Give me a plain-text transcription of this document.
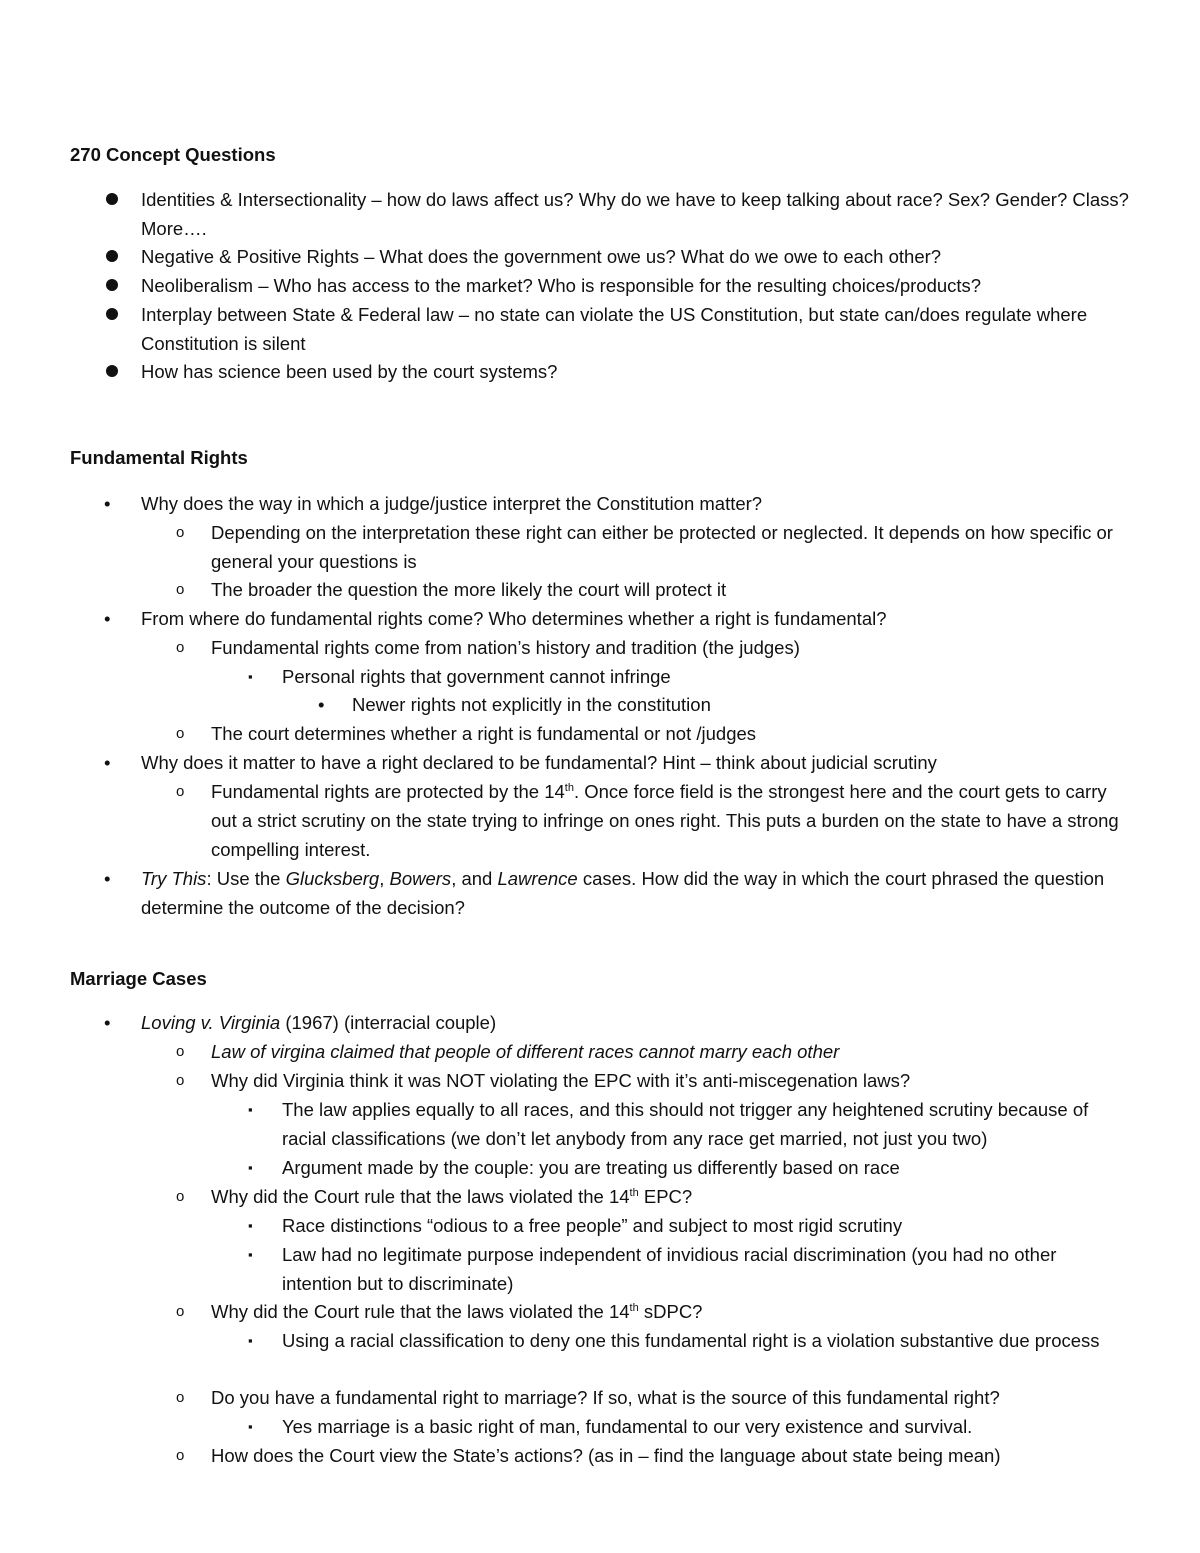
270 Concept Questions
Identities & Intersectionality – how do laws affect us? Why do we have to keep talking about race? Sex? Gender? Class? More….
Negative & Positive Rights – What does the government owe us? What do we owe to each other?
Neoliberalism – Who has access to the market? Who is responsible for the resulting choices/products?
Interplay between State & Federal law – no state can violate the US Constitution, but state can/does regulate where Constitution is silent
How has science been used by the court systems?
Fundamental Rights
• Why does the way in which a judge/justice interpret the Constitution matter?
o Depending on the interpretation these right can either be protected or neglected. It depends on how specific or general your questions is
o The broader the question the more likely the court will protect it
• From where do fundamental rights come? Who determines whether a right is fundamental?
o Fundamental rights come from nation’s history and tradition (the judges)
▪ Personal rights that government cannot infringe
• Newer rights not explicitly in the constitution
o The court determines whether a right is fundamental or not /judges
• Why does it matter to have a right declared to be fundamental? Hint – think about judicial scrutiny
o Fundamental rights are protected by the 14th. Once force field is the strongest here and the court gets to carry out a strict scrutiny on the state trying to infringe on ones right. This puts a burden on the state to have a strong compelling interest.
• Try This: Use the Glucksberg, Bowers, and Lawrence cases. How did the way in which the court phrased the question determine the outcome of the decision?
Marriage Cases
• Loving v. Virginia (1967) (interracial couple)
o Law of virgina claimed that people of different races cannot marry each other
o Why did Virginia think it was NOT violating the EPC with it’s anti-miscegenation laws?
▪ The law applies equally to all races, and this should not trigger any heightened scrutiny because of racial classifications (we don’t let anybody from any race get married, not just you two)
▪ Argument made by the couple: you are treating us differently based on race
o Why did the Court rule that the laws violated the 14th EPC?
▪ Race distinctions “odious to a free people” and subject to most rigid scrutiny
▪ Law had no legitimate purpose independent of invidious racial discrimination (you had no other intention but to discriminate)
o Why did the Court rule that the laws violated the 14th sDPC?
▪ Using a racial classification to deny one this fundamental right is a violation substantive due process
o Do you have a fundamental right to marriage? If so, what is the source of this fundamental right?
▪ Yes marriage is a basic right of man, fundamental to our very existence and survival.
o How does the Court view the State’s actions? (as in – find the language about state being mean)
